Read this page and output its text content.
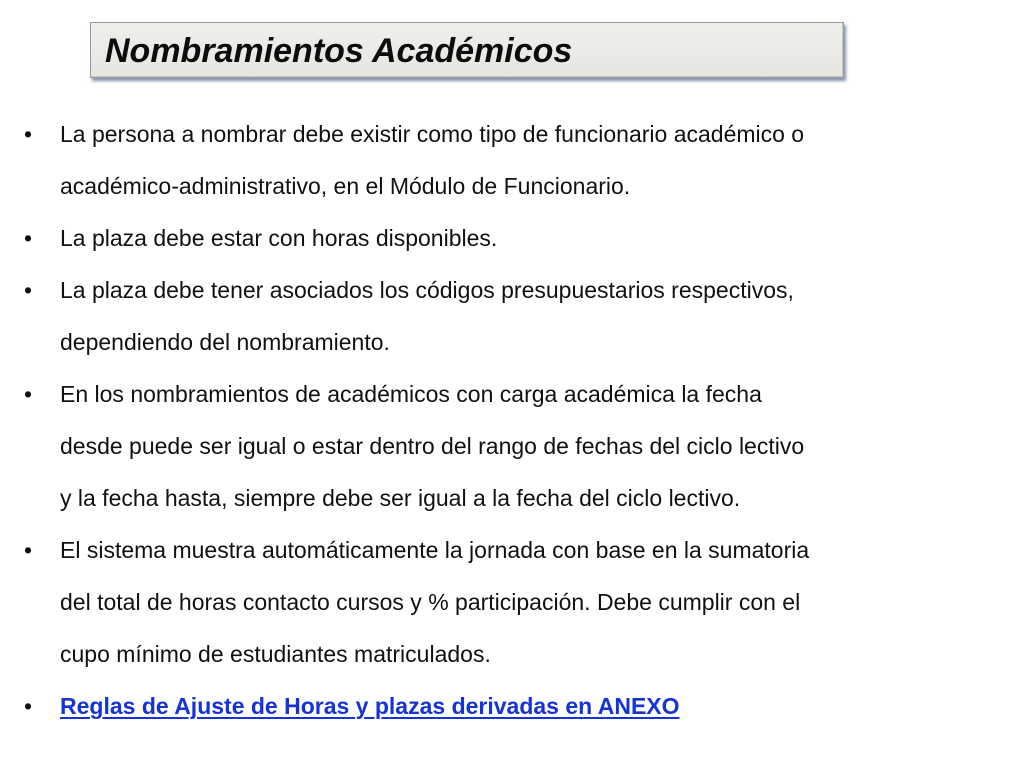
Nombramientos Académicos
• La persona a nombrar debe existir como tipo de funcionario académico o
académico-administrativo, en el Módulo de Funcionario.
• La plaza debe estar con horas disponibles.
• La plaza debe tener asociados los códigos presupuestarios respectivos,
dependiendo del nombramiento.
• En los nombramientos de académicos con carga académica la fecha
desde puede ser igual o estar dentro del rango de fechas del ciclo lectivo
y la fecha hasta, siempre debe ser igual a la fecha del ciclo lectivo.
• El sistema muestra automáticamente la jornada con base en la sumatoria
del total de horas contacto cursos y % participación. Debe cumplir con el
cupo mínimo de estudiantes matriculados.
• Reglas de Ajuste de Horas y plazas derivadas en ANEXO
